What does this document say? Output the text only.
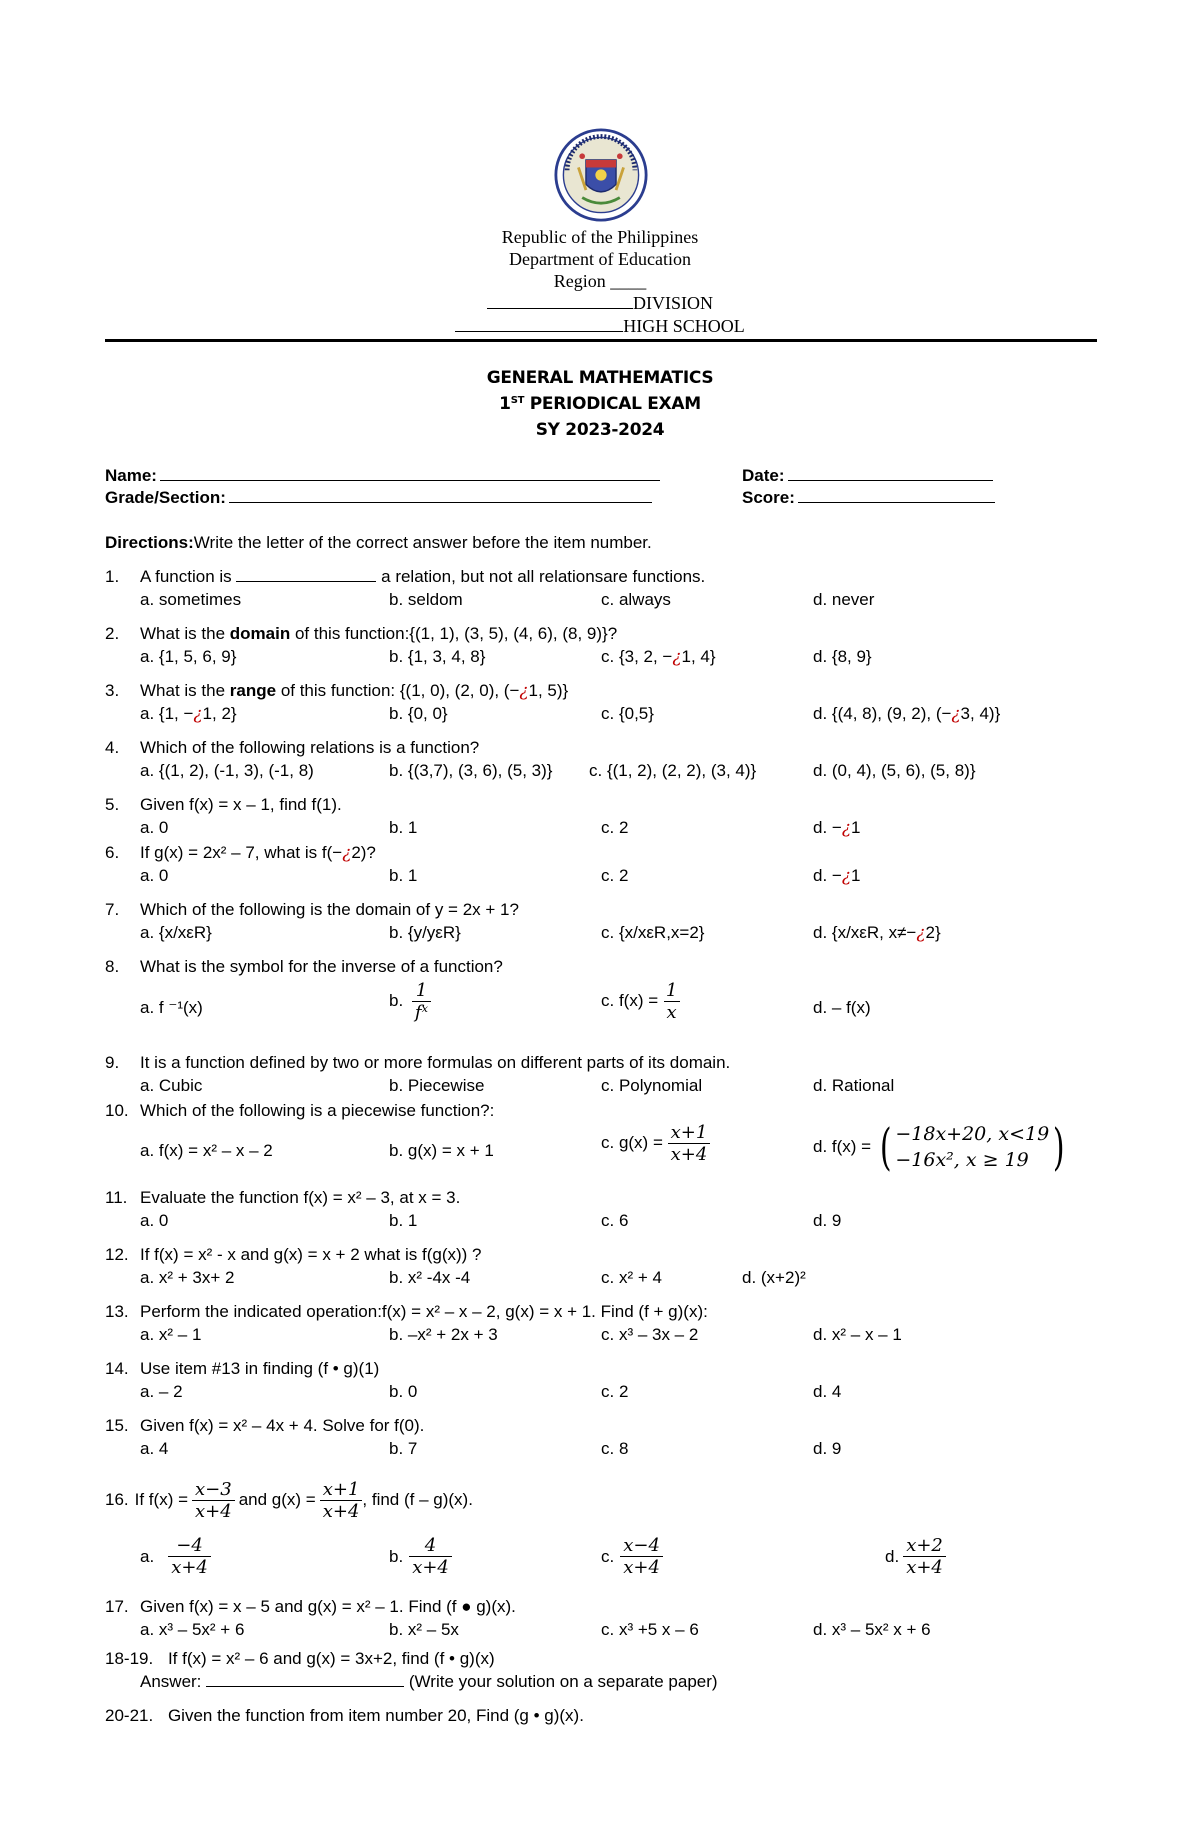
Republic of the Philippines
Department of Education
Region ____
DIVISION
HIGH SCHOOL
GENERAL MATHEMATICS
1ST PERIODICAL EXAM
SY 2023-2024
Name:	Date:
Grade/Section:	Score:
Directions:Write the letter of the correct answer before the item number.
1. A function is	a relation, but not all relationsare functions.
a. sometimes	b. seldom	c. always	d. never
2. What is the domain of this function:{(1, 1), (3, 5), (4, 6), (8, 9)}?
a. {1, 5, 6, 9}	b. {1, 3, 4, 8}	c. {3, 2, −¿1, 4}	d. {8, 9}
3. What is the range of this function: {(1, 0), (2, 0), (−¿1, 5)}
a. {1, −¿1, 2}	b. {0, 0}	c. {0,5}	d. {(4, 8), (9, 2), (−¿3, 4)}
4. Which of the following relations is a function?
a. {(1, 2), (-1, 3), (-1, 8)	b. {(3,7), (3, 6), (5, 3)} c. {(1, 2), (2, 2), (3, 4)}	d. (0, 4), (5, 6), (5, 8)}
5. Given f(x) = x – 1, find f(1).
a. 0	b. 1	c. 2	d. −¿1
6. If g(x) = 2x² – 7, what is f(−¿2)?
a. 0	b. 1	c. 2	d. −¿1
7. Which of the following is the domain of y = 2x + 1?
a. {x/xεR}	b. {y/yεR}	c. {x/xεR,x=2}	d. {x/xεR, x≠−¿2}
8. What is the symbol for the inverse of a function?
a. f ⁻¹(x)	b. $\frac{1}{\text{fˣ}}$	c. $f(x) = \frac{1}{x}$	d. – f(x)
9. It is a function defined by two or more formulas on different parts of its domain.
a. Cubic	b. Piecewise	c. Polynomial	d. Rational
10. Which of the following is a piecewise function?:
a. f(x) = x² – x – 2	b. g(x) = x + 1	c. $g(x) = \frac{x+1}{x+4}$	d. f(x) = ( −18x+20, x<19
−16x², x ≥ 19 )
11. Evaluate the function f(x) = x² – 3, at x = 3.
a. 0	b. 1	c. 6	d. 9
12. If f(x) = x² - x and g(x) = x + 2 what is f(g(x)) ?
a. x² + 3x+ 2	b. x² -4x -4	c. x² + 4	d. (x+2)²
13. Perform the indicated operation:f(x) = x² – x – 2, g(x) = x + 1. Find (f + g)(x):
a. x² – 1	b. –x² + 2x + 3	c. x³ – 3x – 2	d. x² – x – 1
14. Use item #13 in finding (f • g)(1)
a. – 2	b. 0	c. 2	d. 4
15. Given f(x) = x² – 4x + 4. Solve for f(0).
a. 4	b. 7	c. 8	d. 9
16. If $f(x) = \frac{x-3}{x+4}$ and $g(x) = \frac{x+1}{x+4}$ , find (f – g)(x).
a. $\frac{-4}{x+4}$	b. $\frac{4}{x+4}$	c. $\frac{x-4}{x+4}$	d. $\frac{x+2}{x+4}$
17. Given f(x) = x – 5 and g(x) = x² – 1. Find (f ● g)(x).
a. x³ – 5x² + 6	b. x² – 5x	c. x³ +5 x – 6	d. x³ – 5x² x + 6
18-19. If f(x) = x² – 6 and g(x) = 3x+2, find (f • g)(x)
Answer:	(Write your solution on a separate paper)
20-21. Given the function from item number 20, Find (g • g)(x).
